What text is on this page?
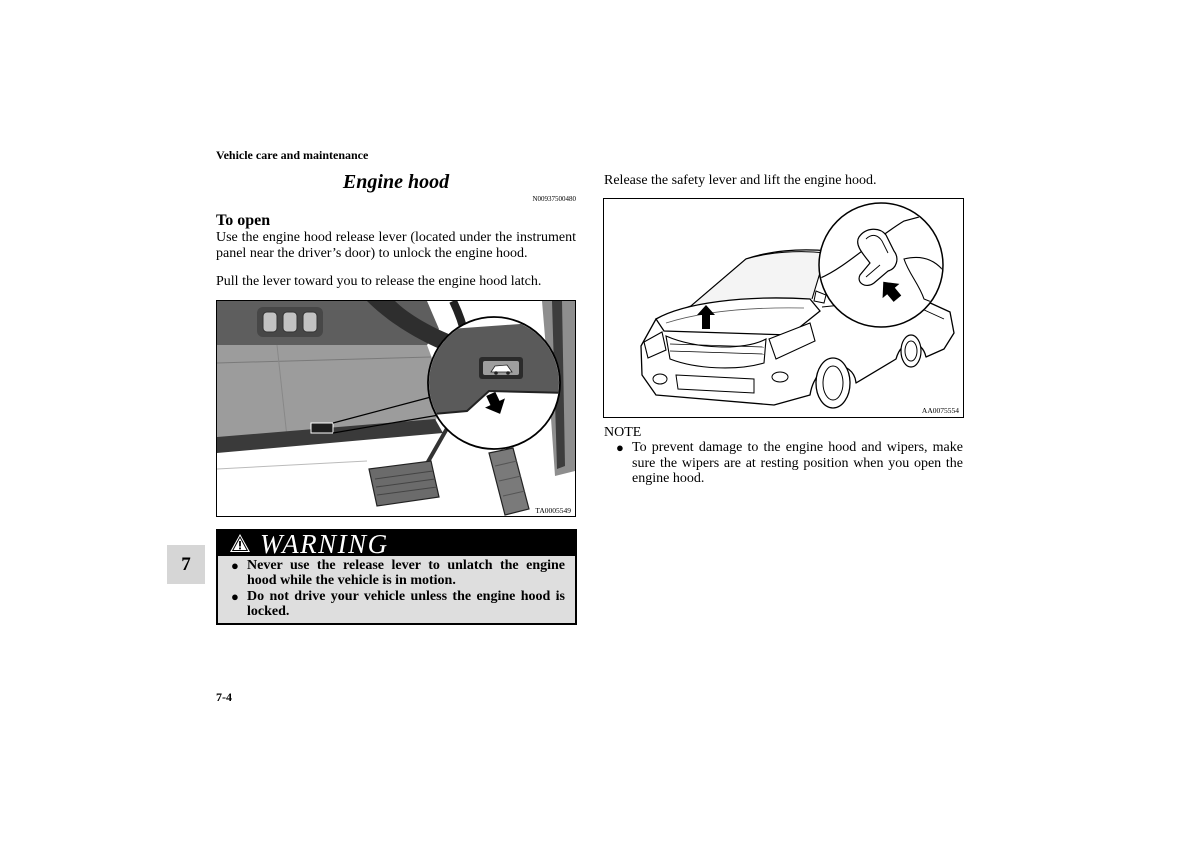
Vehicle care and maintenance
Engine hood
N00937500480
To open
Use the engine hood release lever (located under the instrument
panel near the driver’s door) to unlock the engine hood.
Pull the lever toward you to release the engine hood latch.
TA0005549
WARNING
● Never use the release lever to unlatch the engine
hood while the vehicle is in motion.
● Do not drive your vehicle unless the engine hood is
locked.
7
7-4
Release the safety lever and lift the engine hood.
AA0075554
NOTE
● To prevent damage to the engine hood and wipers, make
sure the wipers are at resting position when you open the
engine hood.
